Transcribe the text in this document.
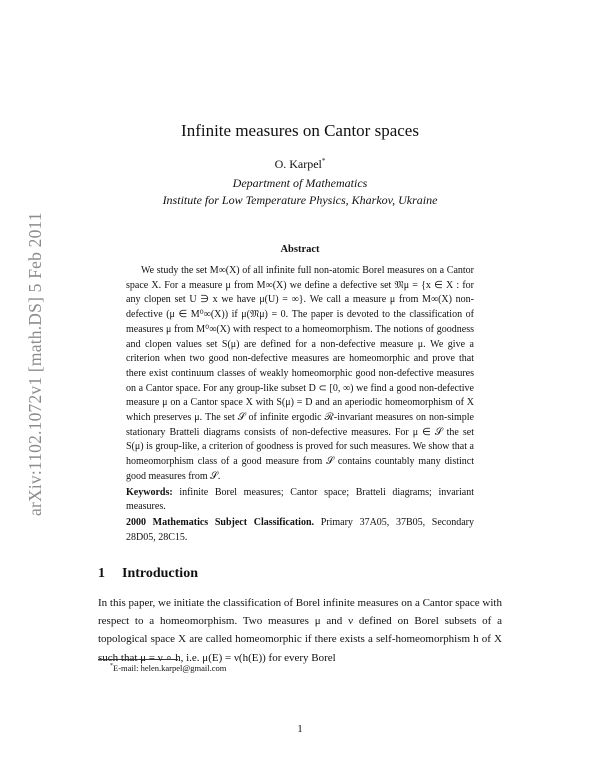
arXiv:1102.1072v1 [math.DS] 5 Feb 2011
Infinite measures on Cantor spaces
O. Karpel*
Department of Mathematics
Institute for Low Temperature Physics, Kharkov, Ukraine
Abstract

We study the set M∞(X) of all infinite full non-atomic Borel measures on a Cantor space X. For a measure μ from M∞(X) we define a defective set 𝔐μ = {x ∈ X : for any clopen set U ∋ x we have μ(U) = ∞}. We call a measure μ from M∞(X) non-defective (μ ∈ M⁰∞(X)) if μ(𝔐μ) = 0. The paper is devoted to the classification of measures μ from M⁰∞(X) with respect to a homeomorphism. The notions of goodness and clopen values set S(μ) are defined for a non-defective measure μ. We give a criterion when two good non-defective measures are homeomorphic and prove that there exist continuum classes of weakly homeomorphic good non-defective measures on a Cantor space. For any group-like subset D ⊂ [0, ∞) we find a good non-defective measure μ on a Cantor space X with S(μ) = D and an aperiodic homeomorphism of X which preserves μ. The set 𝒮 of infinite ergodic ℛ-invariant measures on non-simple stationary Bratteli diagrams consists of non-defective measures. For μ ∈ 𝒮 the set S(μ) is group-like, a criterion of goodness is proved for such measures. We show that a homeomorphism class of a good measure from 𝒮 contains countably many distinct good measures from 𝒮.

Keywords: infinite Borel measures; Cantor space; Bratteli diagrams; invariant measures.

2000 Mathematics Subject Classification. Primary 37A05, 37B05, Secondary 28D05, 28C15.

1 Introduction

In this paper, we initiate the classification of Borel infinite measures on a Cantor space with respect to a homeomorphism. Two measures μ and ν defined on Borel subsets of a topological space X are called homeomorphic if there exists a self-homeomorphism h of X such that μ = ν ∘ h, i.e. μ(E) = ν(h(E)) for every Borel

*E-mail: helen.karpel@gmail.com
1
